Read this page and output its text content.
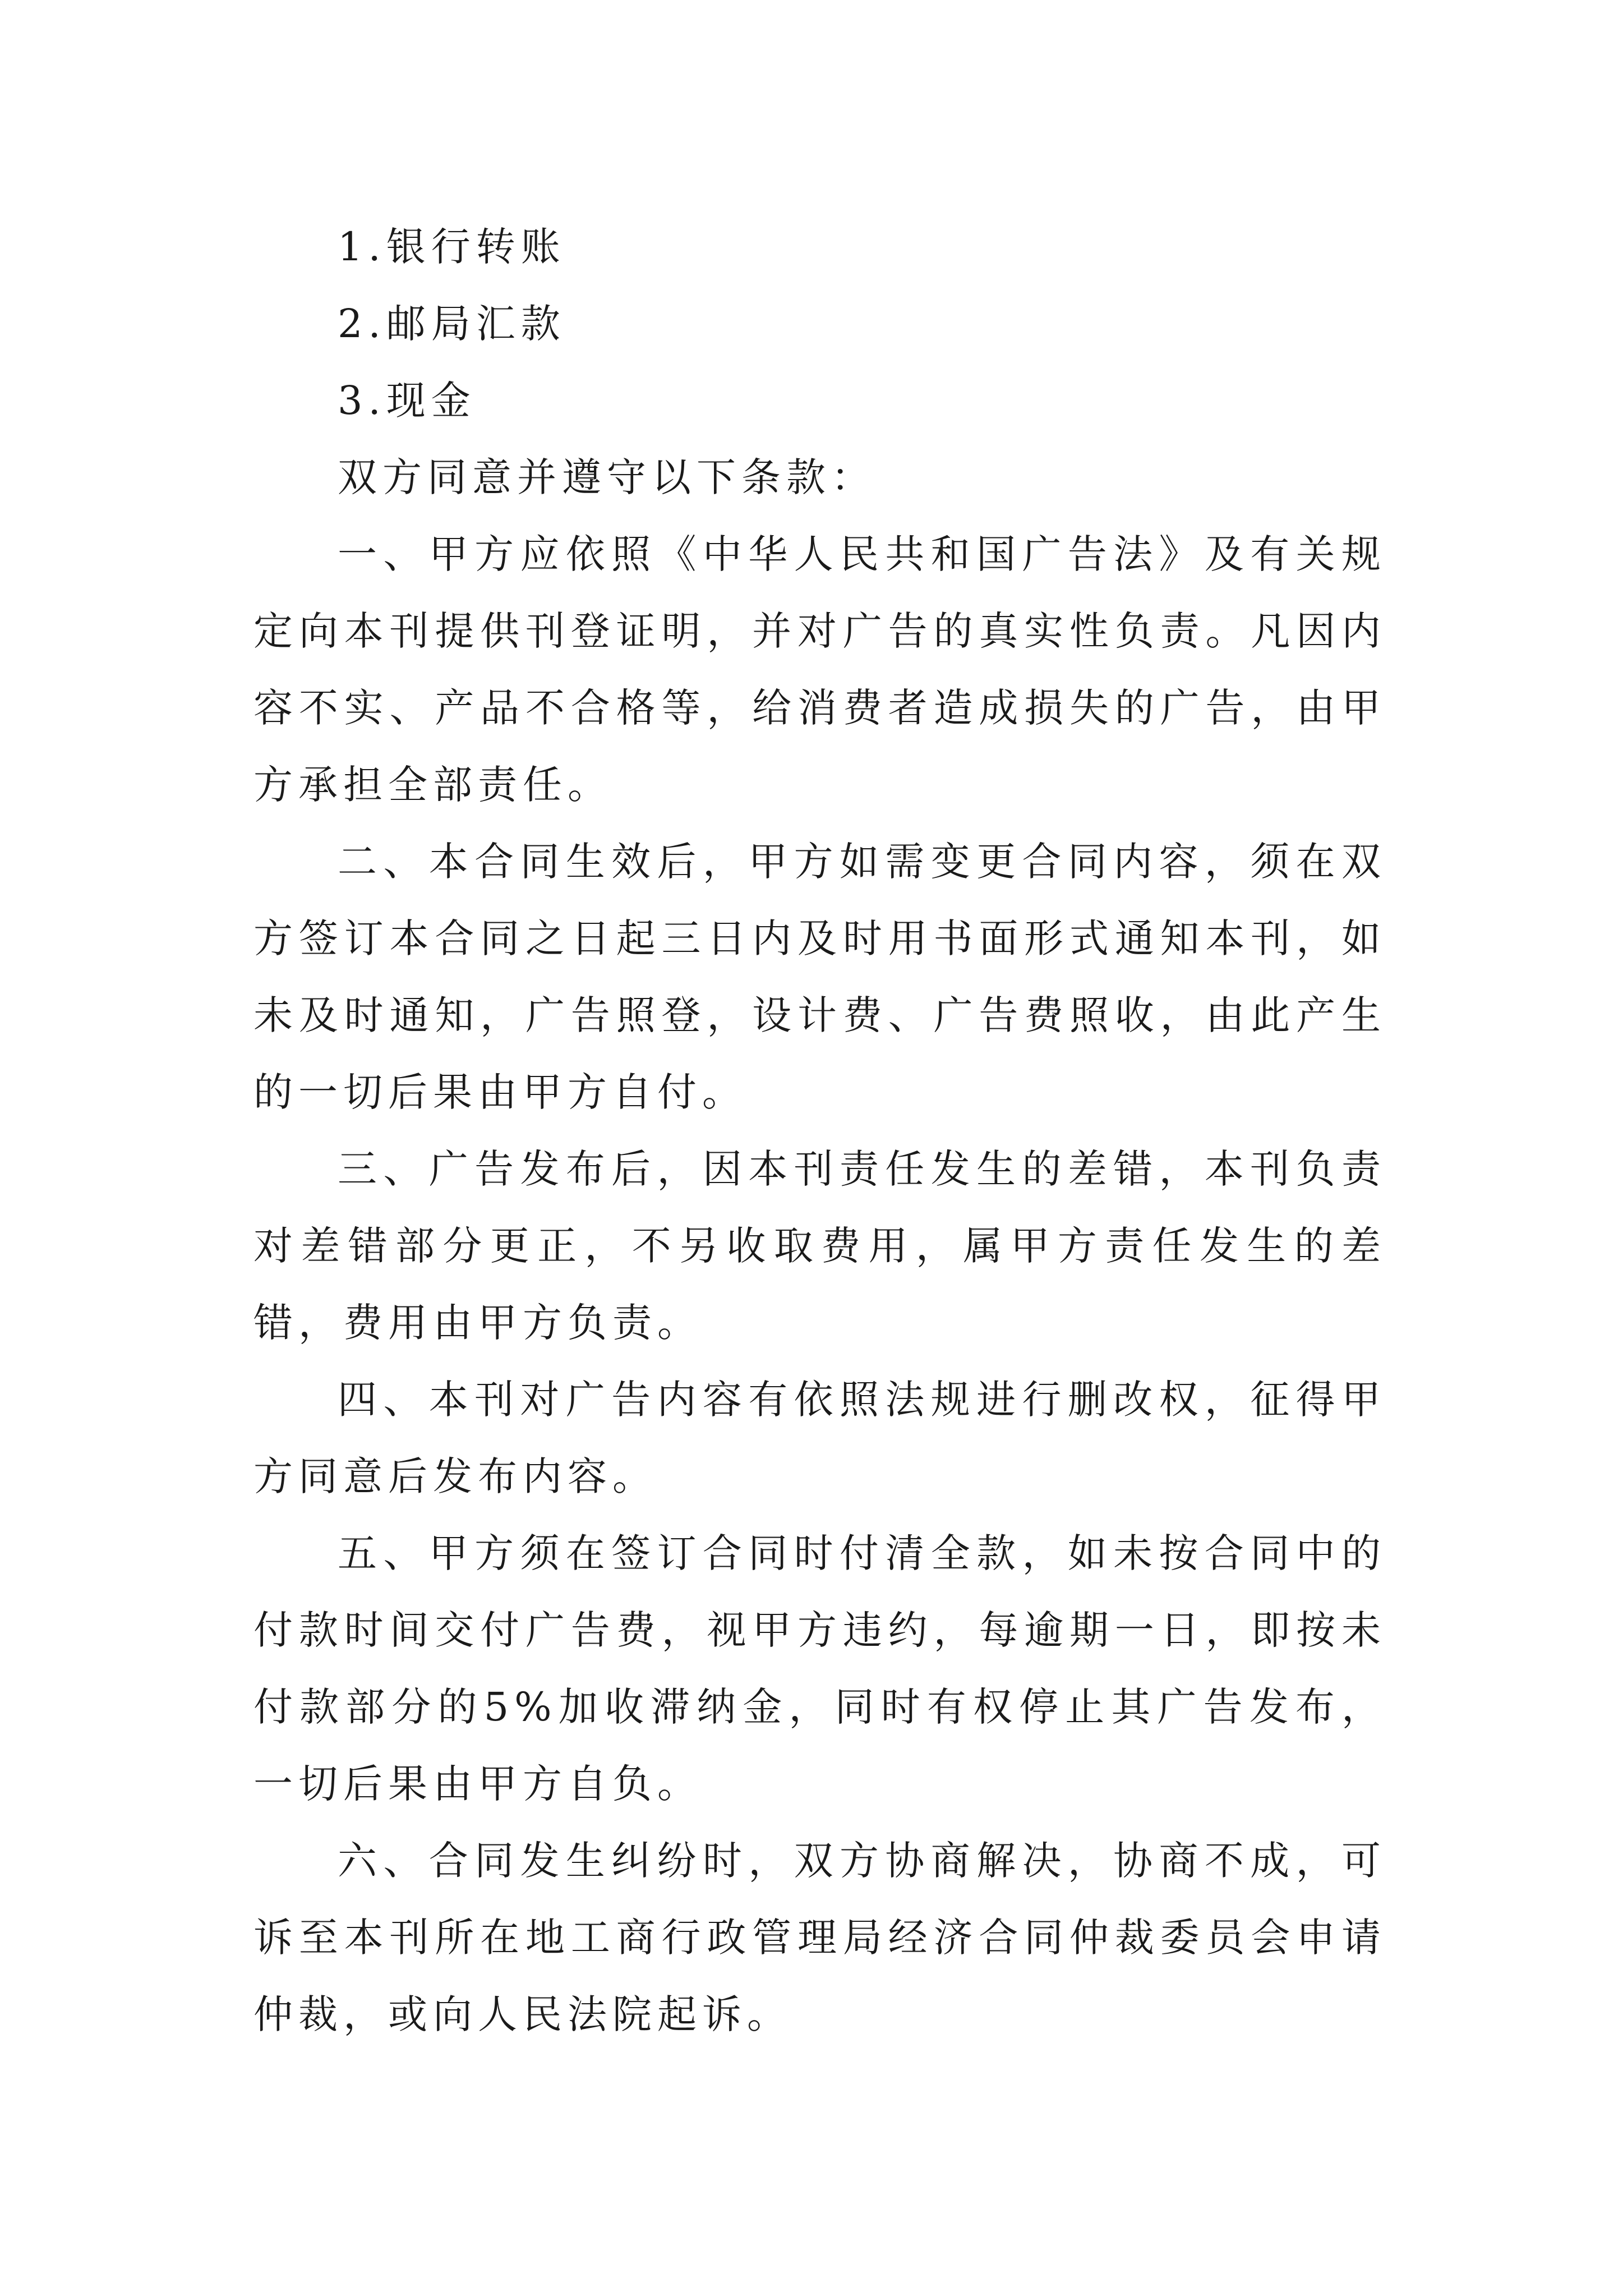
1.银行转账

2.邮局汇款

3.现金

双方同意并遵守以下条款：

一、甲方应依照《中华人民共和国广告法》及有关规定向本刊提供刊登证明，并对广告的真实性负责。凡因内容不实、产品不合格等，给消费者造成损失的广告，由甲方承担全部责任。

二、本合同生效后，甲方如需变更合同内容，须在双方签订本合同之日起三日内及时用书面形式通知本刊，如未及时通知，广告照登，设计费、广告费照收，由此产生的一切后果由甲方自付。

三、广告发布后，因本刊责任发生的差错，本刊负责对差错部分更正，不另收取费用，属甲方责任发生的差错，费用由甲方负责。

四、本刊对广告内容有依照法规进行删改权，征得甲方同意后发布内容。

五、甲方须在签订合同时付清全款，如未按合同中的付款时间交付广告费，视甲方违约，每逾期一日，即按未付款部分的5%加收滞纳金，同时有权停止其广告发布，一切后果由甲方自负。

六、合同发生纠纷时，双方协商解决，协商不成，可诉至本刊所在地工商行政管理局经济合同仲裁委员会申请仲裁，或向人民法院起诉。
